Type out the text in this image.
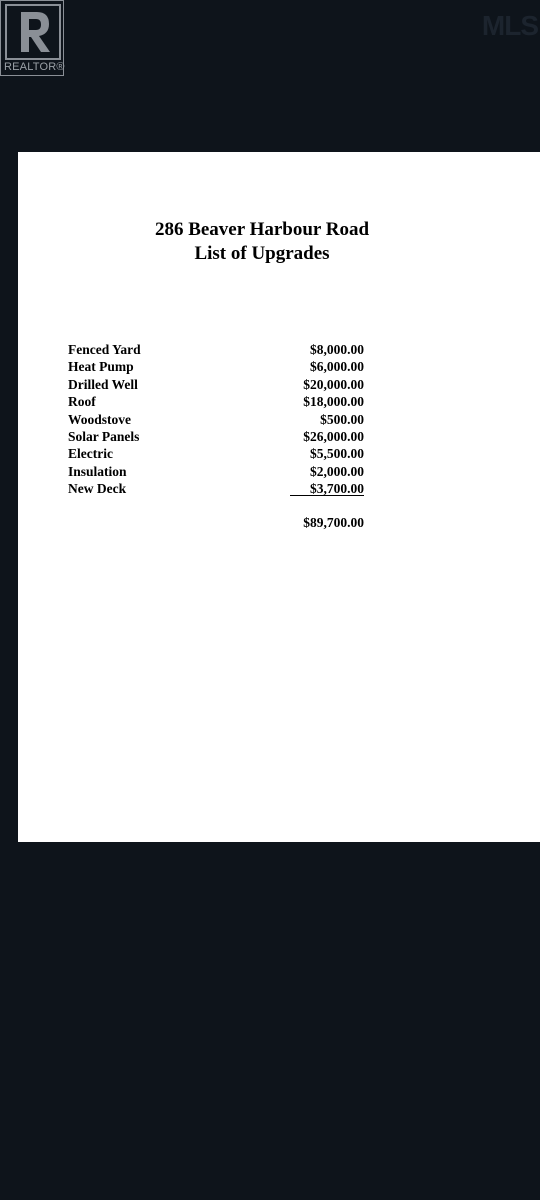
REALTOR®
MLS
286 Beaver Harbour Road
List of Upgrades
Fenced Yard	$8,000.00
Heat Pump	$6,000.00
Drilled Well	$20,000.00
Roof	$18,000.00
Woodstove	$500.00
Solar Panels	$26,000.00
Electric	$5,500.00
Insulation	$2,000.00
New Deck	$3,700.00
$89,700.00
